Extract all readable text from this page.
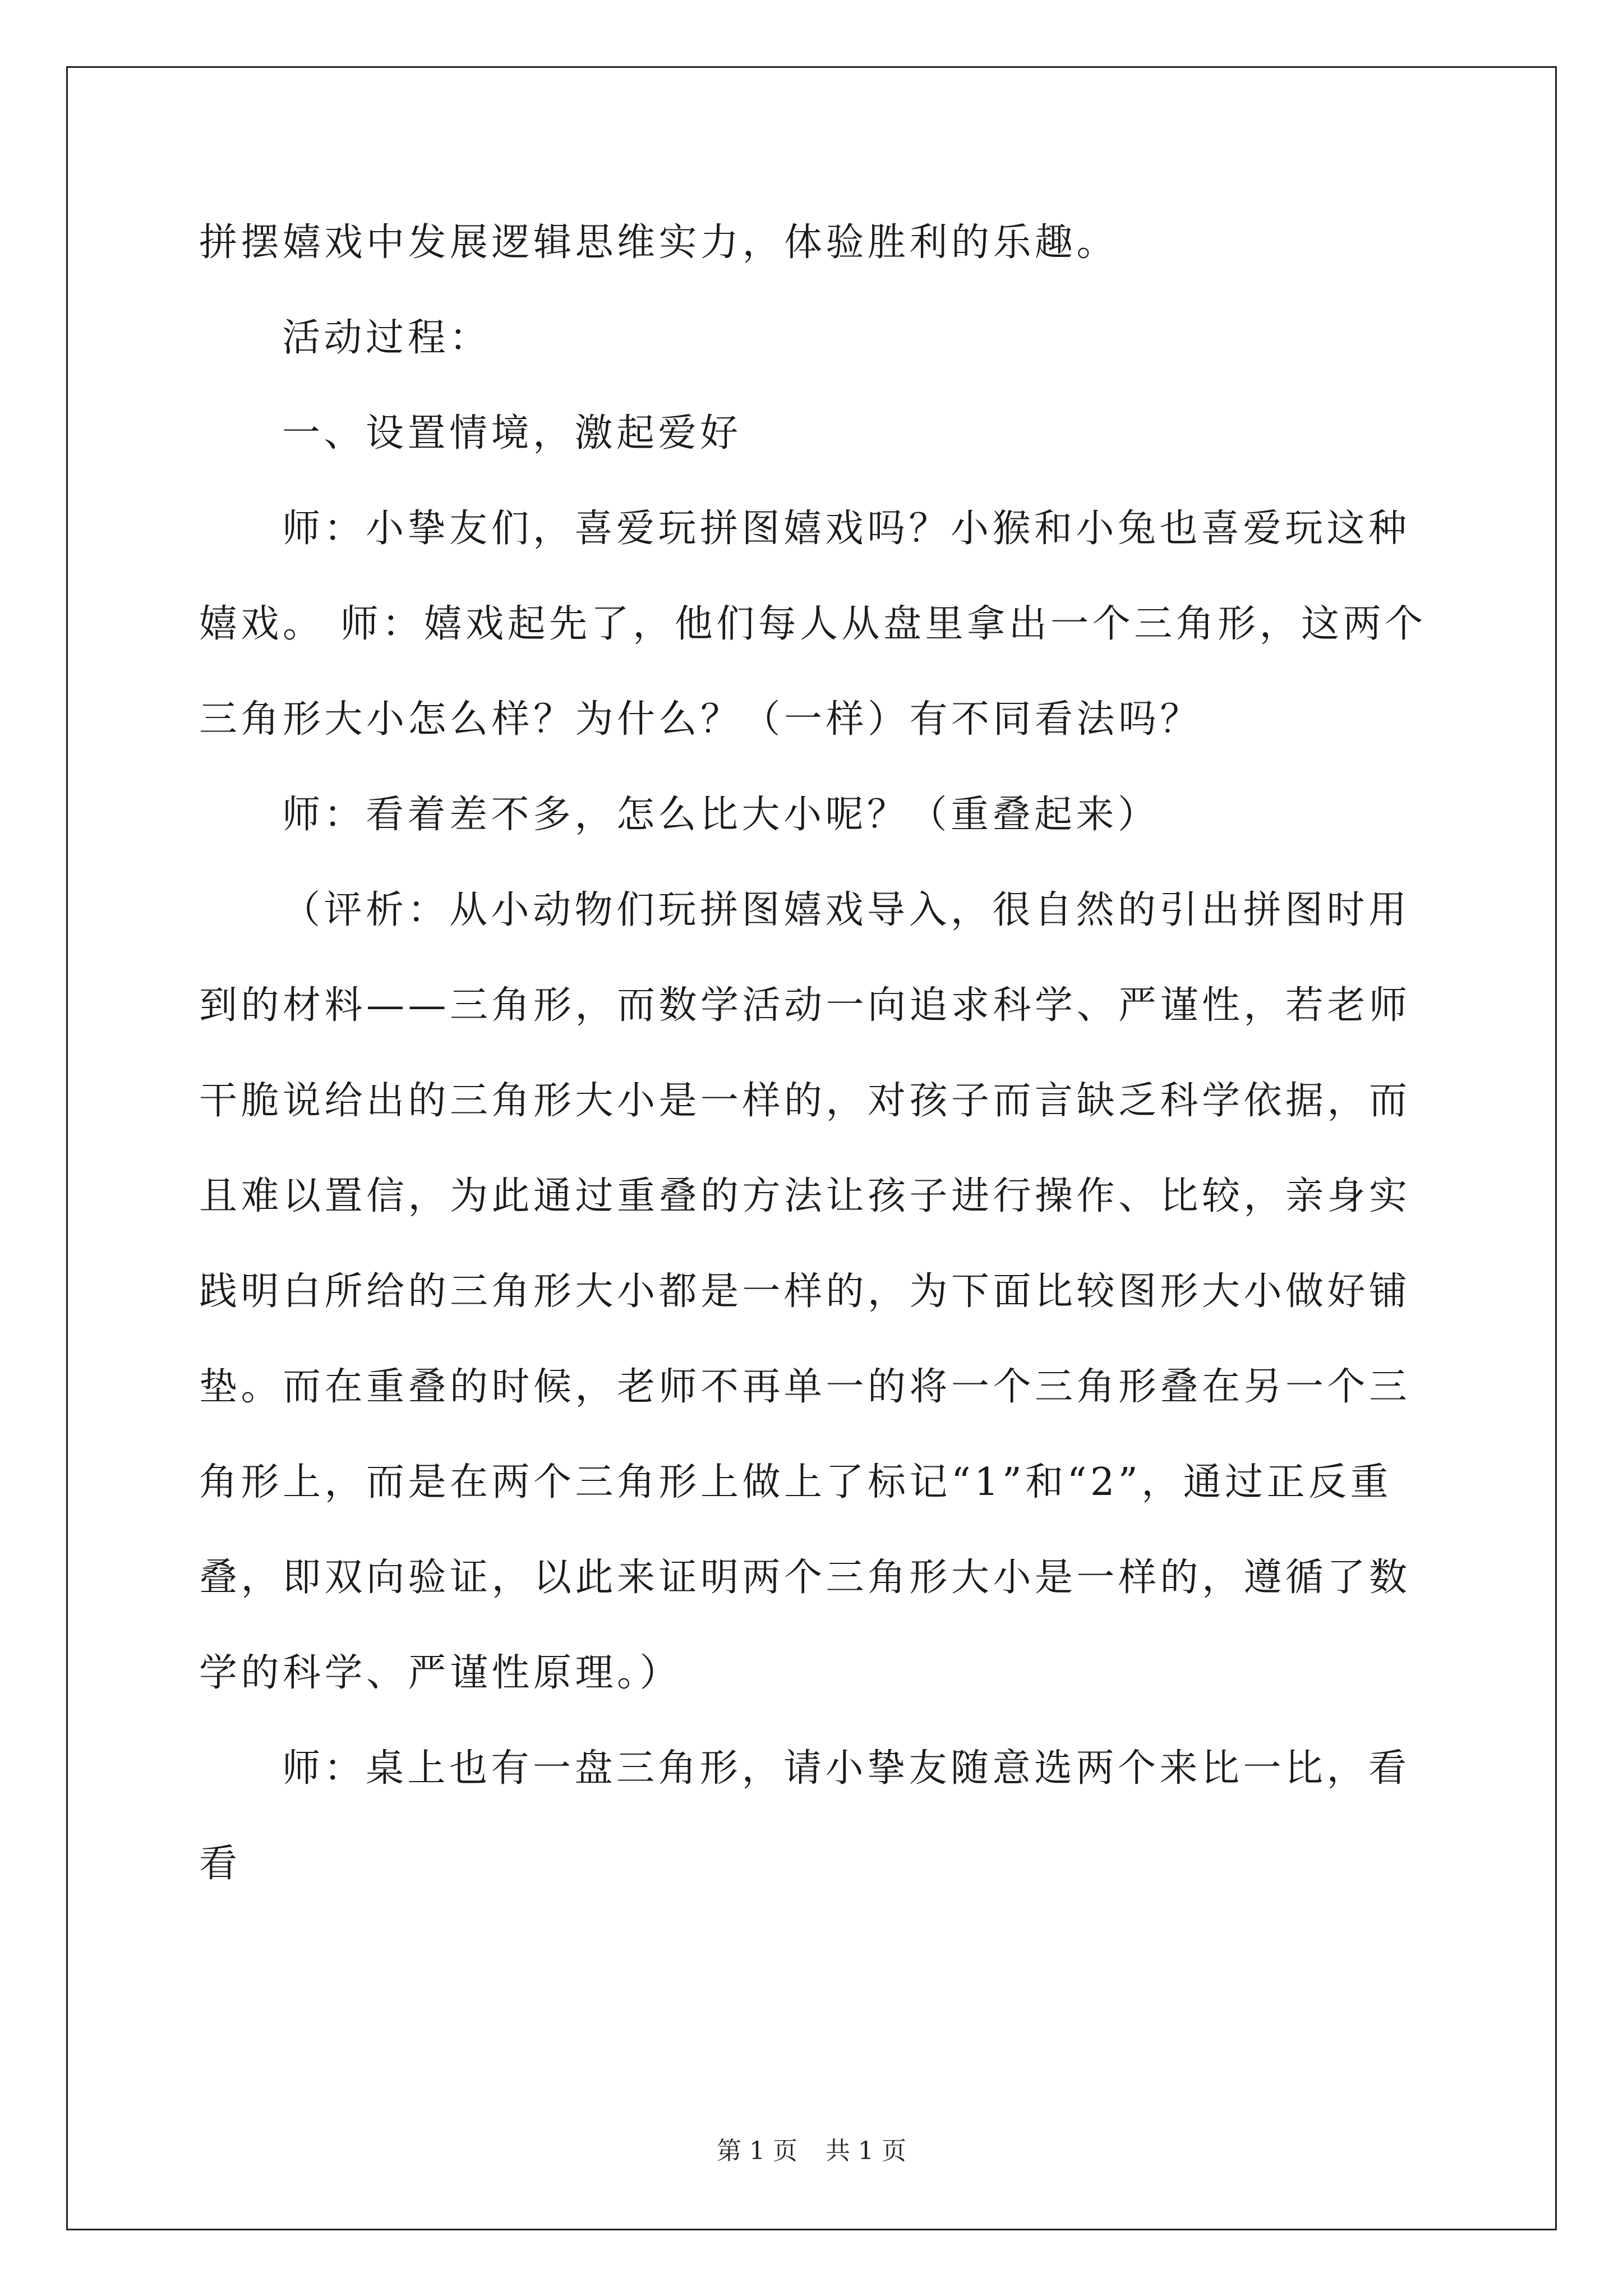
拼摆嬉戏中发展逻辑思维实力，体验胜利的乐趣。

活动过程：

一、设置情境，激起爱好

师：小挚友们，喜爱玩拼图嬉戏吗？小猴和小兔也喜爱玩这种嬉戏。 师：嬉戏起先了，他们每人从盘里拿出一个三角形，这两个三角形大小怎么样？为什么？（一样）有不同看法吗？

师：看着差不多，怎么比大小呢？（重叠起来）

（评析：从小动物们玩拼图嬉戏导入，很自然的引出拼图时用到的材料——三角形，而数学活动一向追求科学、严谨性，若老师干脆说给出的三角形大小是一样的，对孩子而言缺乏科学依据，而且难以置信，为此通过重叠的方法让孩子进行操作、比较，亲身实践明白所给的三角形大小都是一样的，为下面比较图形大小做好铺垫。而在重叠的时候，老师不再单一的将一个三角形叠在另一个三角形上，而是在两个三角形上做上了标记“1”和“2”，通过正反重叠，即双向验证，以此来证明两个三角形大小是一样的，遵循了数学的科学、严谨性原理。）

师：桌上也有一盘三角形，请小挚友随意选两个来比一比，看看

第 1 页 共 1 页
